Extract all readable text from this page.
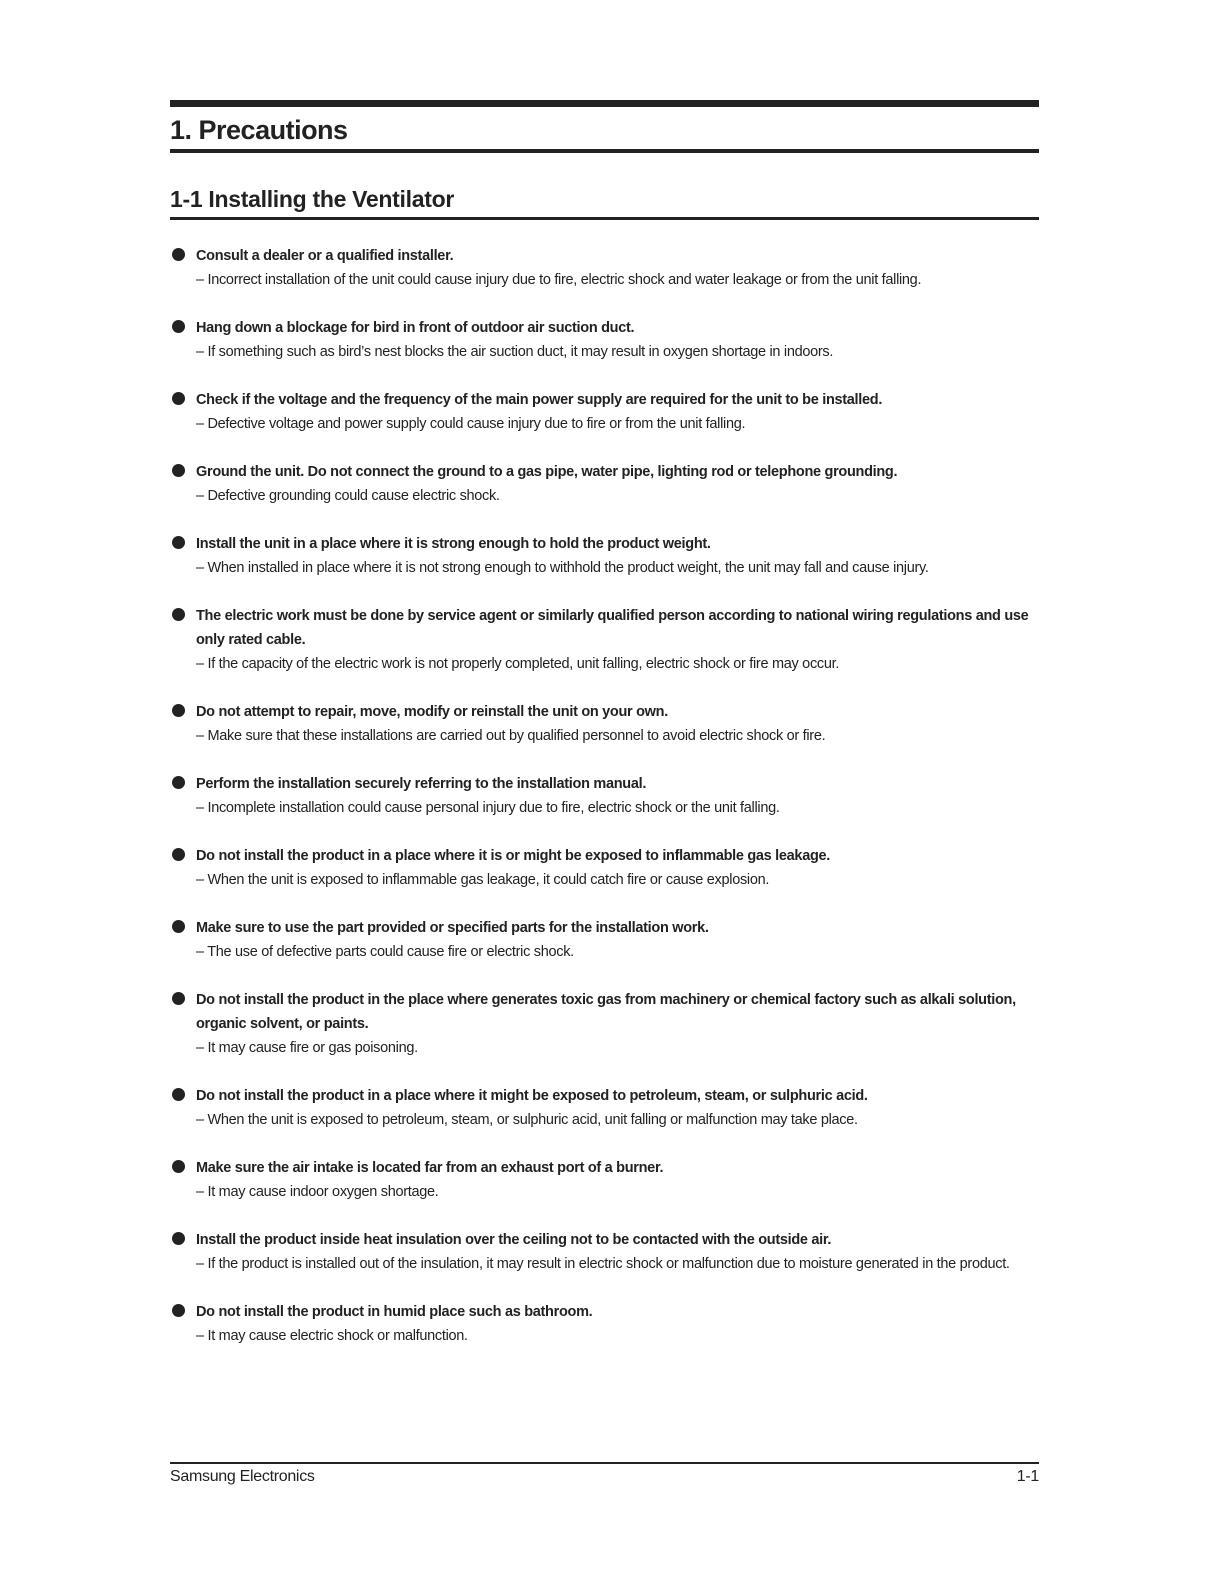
1. Precautions
1-1 Installing the Ventilator
Consult a dealer or a qualified installer.
– Incorrect installation of the unit could cause injury due to fire, electric shock and water leakage or from the unit falling.
Hang down a blockage for bird in front of outdoor air suction duct.
– If something such as bird’s nest blocks the air suction duct, it may result in oxygen shortage in indoors.
Check if the voltage and the frequency of the main power supply are required for the unit to be installed.
– Defective voltage and power supply could cause injury due to fire or from the unit falling.
Ground the unit. Do not connect the ground to a gas pipe, water pipe, lighting rod or telephone grounding.
– Defective grounding could cause electric shock.
Install the unit in a place where it is strong enough to hold the product weight.
– When installed in place where it is not strong enough to withhold the product weight, the unit may fall and cause injury.
The electric work must be done by service agent or similarly qualified person according to national wiring regulations and use only rated cable.
– If the capacity of the electric work is not properly completed, unit falling, electric shock or fire may occur.
Do not attempt to repair, move, modify or reinstall the unit on your own.
– Make sure that these installations are carried out by qualified personnel to avoid electric shock or fire.
Perform the installation securely referring to the installation manual.
– Incomplete installation could cause personal injury due to fire, electric shock or the unit falling.
Do not install the product in a place where it is or might be exposed to inflammable gas leakage.
– When the unit is exposed to inflammable gas leakage, it could catch fire or cause explosion.
Make sure to use the part provided or specified parts for the installation work.
– The use of defective parts could cause fire or electric shock.
Do not install the product in the place where generates toxic gas from machinery or chemical factory such as alkali solution, organic solvent, or paints.
– It may cause fire or gas poisoning.
Do not install the product in a place where it might be exposed to petroleum, steam, or sulphuric acid.
– When the unit is exposed to petroleum, steam, or sulphuric acid, unit falling or malfunction may take place.
Make sure the air intake is located far from an exhaust port of a burner.
– It may cause indoor oxygen shortage.
Install the product inside heat insulation over the ceiling not to be contacted with the outside air.
– If the product is installed out of the insulation, it may result in electric shock or malfunction due to moisture generated in the product.
Do not install the product in humid place such as bathroom.
– It may cause electric shock or malfunction.
Samsung Electronics	1-1
